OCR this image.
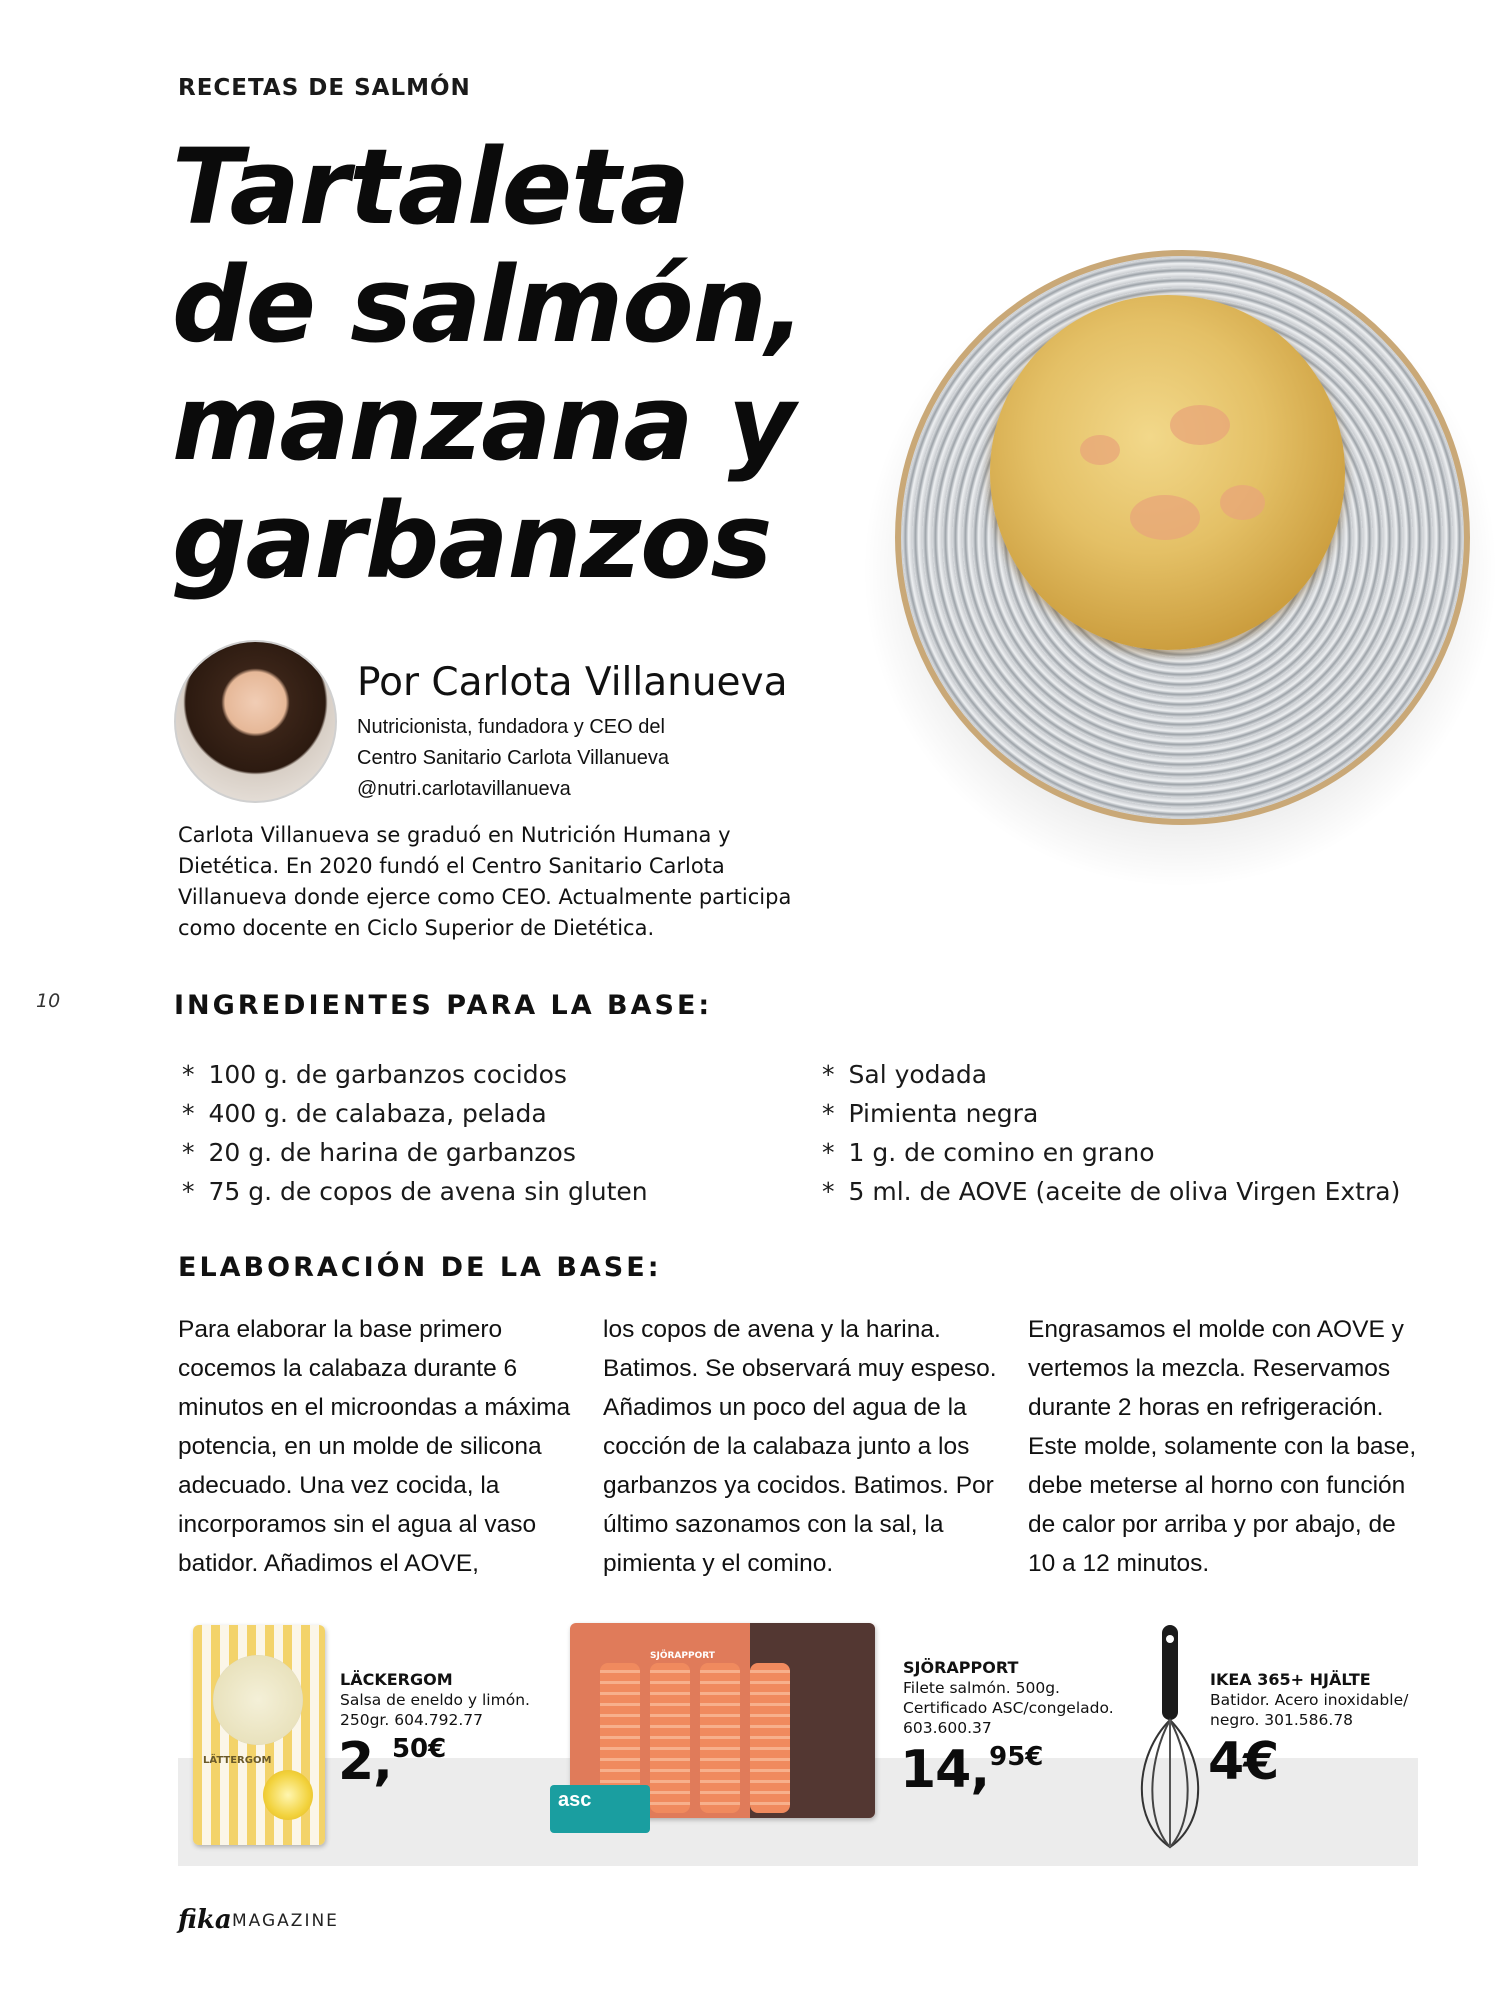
RECETAS DE SALMÓN
Tartaleta
de salmón,
manzana y
garbanzos
Por Carlota Villanueva
Nutricionista, fundadora y CEO del
Centro Sanitario Carlota Villanueva
@nutri.carlotavillanueva

Carlota Villanueva se graduó en Nutrición Humana y Dietética. En 2020 fundó el Centro Sanitario Carlota Villanueva donde ejerce como CEO. Actualmente participa como docente en Ciclo Superior de Dietética.

10	INGREDIENTES PARA LA BASE:
* 100 g. de garbanzos cocidos
* 400 g. de calabaza, pelada
* 20 g. de harina de garbanzos
* 75 g. de copos de avena sin gluten
* Sal yodada
* Pimienta negra
* 1 g. de comino en grano
* 5 ml. de AOVE (aceite de oliva Virgen Extra)
ELABORACIÓN DE LA BASE:

Para elaborar la base primero cocemos la calabaza durante 6 minutos en el microondas a máxima potencia, en un molde de silicona adecuado. Una vez cocida, la incorporamos sin el agua al vaso batidor. Añadimos el AOVE,

los copos de avena y la harina. Batimos. Se observará muy espeso. Añadimos un poco del agua de la cocción de la calabaza junto a los garbanzos ya cocidos. Batimos. Por último sazonamos con la sal, la pimienta y el comino.

Engrasamos el molde con AOVE y vertemos la mezcla. Reservamos durante 2 horas en refrigeración. Este molde, solamente con la base, debe meterse al horno con función de calor por arriba y por abajo, de 10 a 12 minutos.

LÄTTERGOM
LÄCKERGOM
Salsa de eneldo y limón.
250gr. 604.792.77
2,$^{50€}$
SJÖRAPPORT
asc
SJÖRAPPORT
Filete salmón. 500g.
Certificado ASC/congelado.
603.600.37
14,$^{95€}$
IKEA 365+ HJÄLTE
Batidor. Acero inoxidable/
negro. 301.586.78
4€
fika MAGAZINE
